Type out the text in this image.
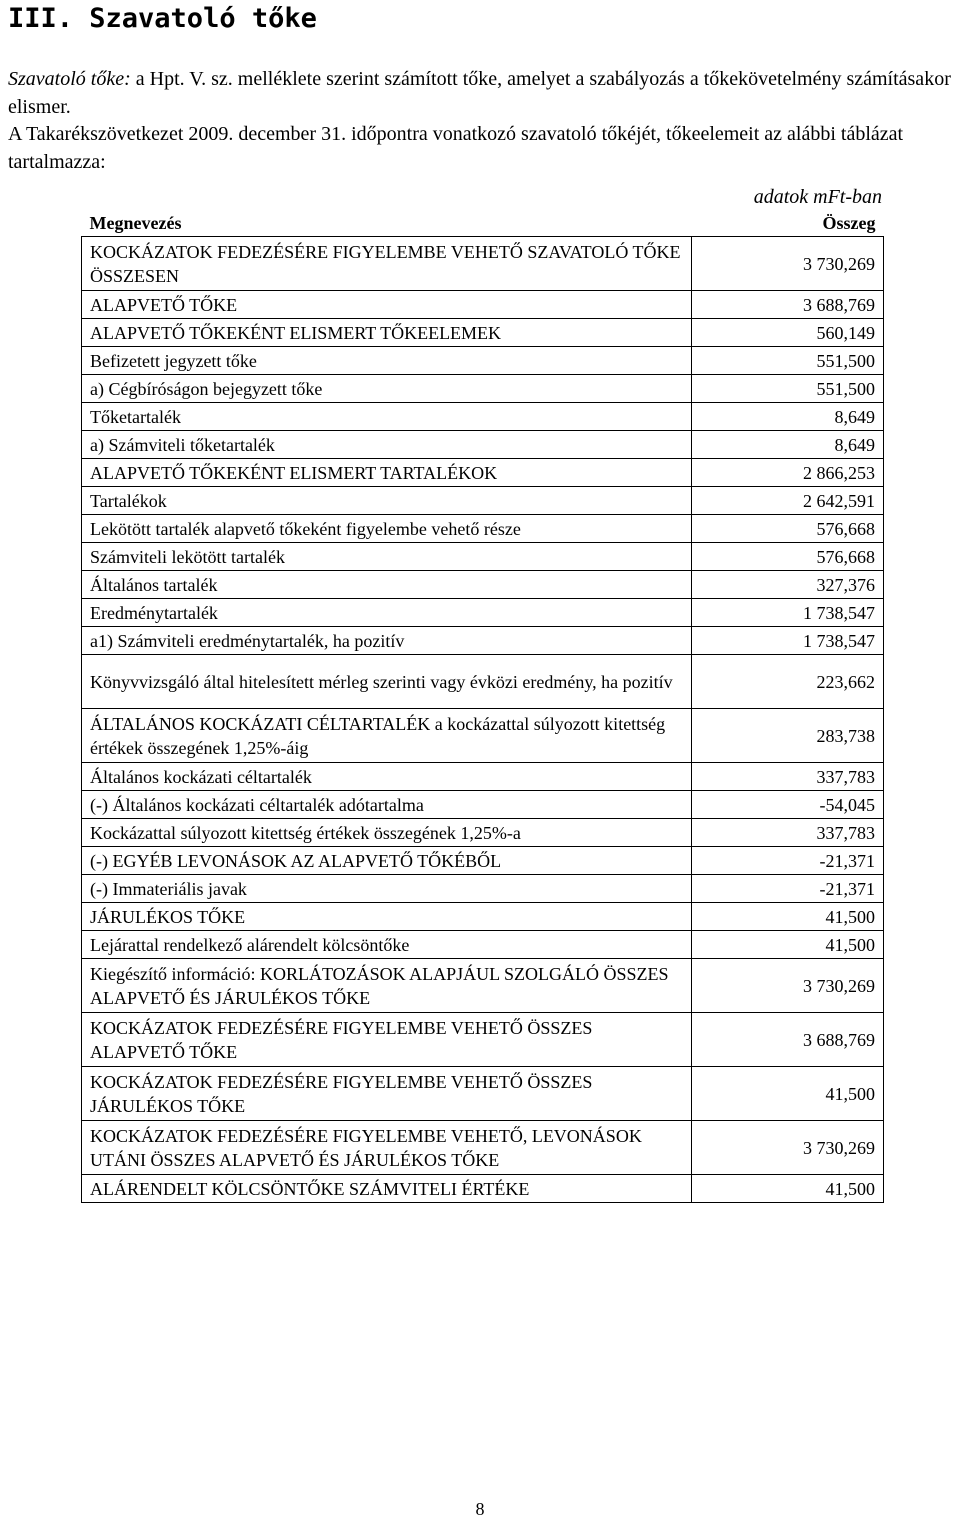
III. Szavatoló tőke
Szavatoló tőke: a Hpt. V. sz. melléklete szerint számított tőke, amelyet a szabályozás a tőkekövetelmény számításakor elismer.
A Takarékszövetkezet 2009. december 31. időpontra vonatkozó szavatoló tőkéjét, tőkeelemeit az alábbi táblázat tartalmazza:
adatok mFt-ban
Megnevezés	Összeg
KOCKÁZATOK FEDEZÉSÉRE FIGYELEMBE VEHETŐ SZAVATOLÓ TŐKE ÖSSZESEN	3 730,269
ALAPVETŐ TŐKE	3 688,769
ALAPVETŐ TŐKEKÉNT ELISMERT TŐKEELEMEK	560,149
Befizetett jegyzett tőke	551,500
a) Cégbíróságon bejegyzett tőke	551,500
Tőketartalék	8,649
a) Számviteli tőketartalék	8,649
ALAPVETŐ TŐKEKÉNT ELISMERT TARTALÉKOK	2 866,253
Tartalékok	2 642,591
Lekötött tartalék alapvető tőkeként figyelembe vehető része	576,668
Számviteli lekötött tartalék	576,668
Általános tartalék	327,376
Eredménytartalék	1 738,547
a1) Számviteli eredménytartalék, ha pozitív	1 738,547
Könyvvizsgáló által hitelesített mérleg szerinti vagy évközi eredmény, ha pozitív	223,662
ÁLTALÁNOS KOCKÁZATI CÉLTARTALÉK a kockázattal súlyozott kitettség értékek összegének 1,25%-áig	283,738
Általános kockázati céltartalék	337,783
(-) Általános kockázati céltartalék adótartalma	-54,045
Kockázattal súlyozott kitettség értékek összegének 1,25%-a	337,783
(-) EGYÉB LEVONÁSOK AZ ALAPVETŐ TŐKÉBŐL	-21,371
(-) Immateriális javak	-21,371
JÁRULÉKOS TŐKE	41,500
Lejárattal rendelkező alárendelt kölcsöntőke	41,500
Kiegészítő információ: KORLÁTOZÁSOK ALAPJÁUL SZOLGÁLÓ ÖSSZES ALAPVETŐ ÉS JÁRULÉKOS TŐKE	3 730,269
KOCKÁZATOK FEDEZÉSÉRE FIGYELEMBE VEHETŐ ÖSSZES ALAPVETŐ TŐKE	3 688,769
KOCKÁZATOK FEDEZÉSÉRE FIGYELEMBE VEHETŐ ÖSSZES JÁRULÉKOS TŐKE	41,500
KOCKÁZATOK FEDEZÉSÉRE FIGYELEMBE VEHETŐ, LEVONÁSOK UTÁNI ÖSSZES ALAPVETŐ ÉS JÁRULÉKOS TŐKE	3 730,269
ALÁRENDELT KÖLCSÖNTŐKE SZÁMVITELI ÉRTÉKE	41,500
8
